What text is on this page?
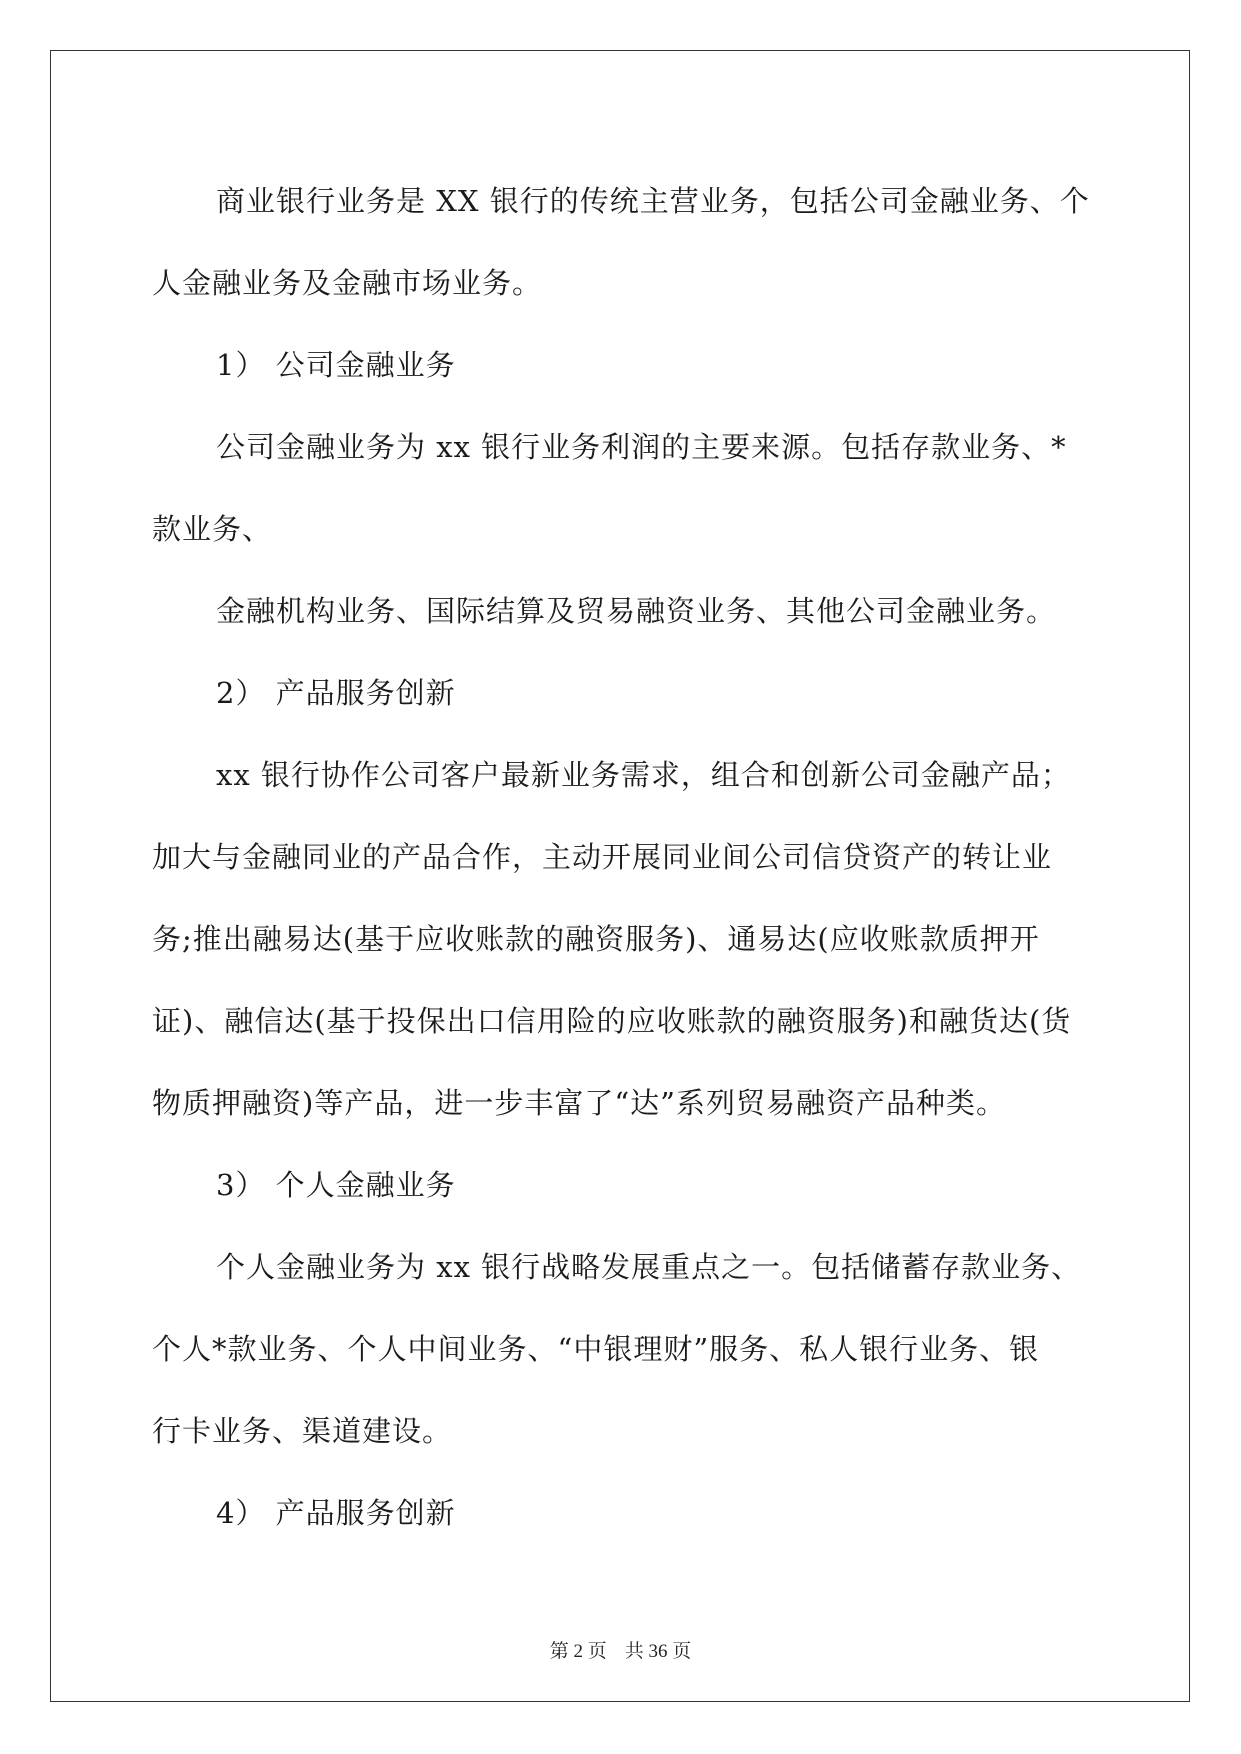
商业银行业务是 XX 银行的传统主营业务，包括公司金融业务、个
人金融业务及金融市场业务。
1） 公司金融业务
公司金融业务为 xx 银行业务利润的主要来源。包括存款业务、*
款业务、
金融机构业务、国际结算及贸易融资业务、其他公司金融业务。
2） 产品服务创新
xx 银行协作公司客户最新业务需求，组合和创新公司金融产品；
加大与金融同业的产品合作，主动开展同业间公司信贷资产的转让业
务;推出融易达(基于应收账款的融资服务)、通易达(应收账款质押开
证)、融信达(基于投保出口信用险的应收账款的融资服务)和融货达(货
物质押融资)等产品，进一步丰富了“达”系列贸易融资产品种类。
3） 个人金融业务
个人金融业务为 xx 银行战略发展重点之一。包括储蓄存款业务、
个人*款业务、个人中间业务、“中银理财”服务、私人银行业务、银
行卡业务、渠道建设。
4） 产品服务创新
第 2 页 共 36 页
